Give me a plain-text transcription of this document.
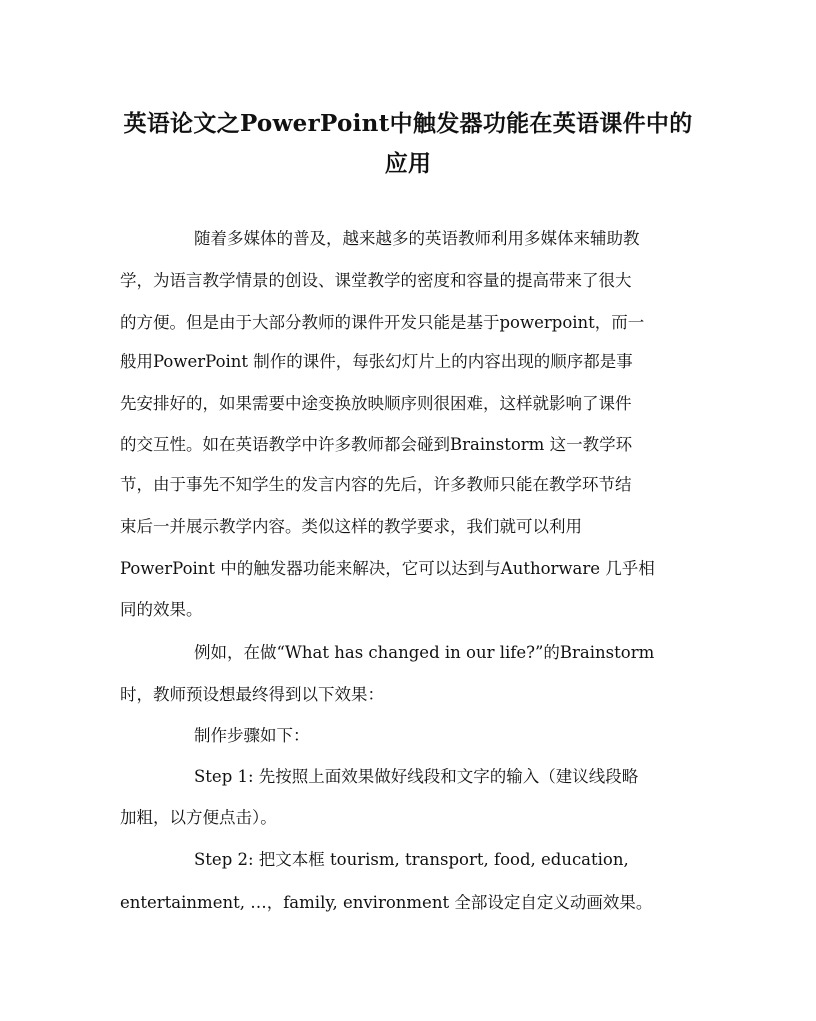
英语论文之PowerPoint中触发器功能在英语课件中的
应用
随着多媒体的普及，越来越多的英语教师利用多媒体来辅助教
学，为语言教学情景的创设、课堂教学的密度和容量的提高带来了很大
的方便。但是由于大部分教师的课件开发只能是基于powerpoint，而一
般用PowerPoint 制作的课件，每张幻灯片上的内容出现的顺序都是事
先安排好的，如果需要中途变换放映顺序则很困难，这样就影响了课件
的交互性。如在英语教学中许多教师都会碰到Brainstorm 这一教学环
节，由于事先不知学生的发言内容的先后，许多教师只能在教学环节结
束后一并展示教学内容。类似这样的教学要求，我们就可以利用
PowerPoint 中的触发器功能来解决，它可以达到与Authorware 几乎相
同的效果。
例如，在做“What has changed in our life?”的Brainstorm
时，教师预设想最终得到以下效果：
制作步骤如下：
Step 1: 先按照上面效果做好线段和文字的输入（建议线段略
加粗，以方便点击）。
Step 2: 把文本框 tourism, transport, food, education,
entertainment, …，family, environment 全部设定自定义动画效果。
